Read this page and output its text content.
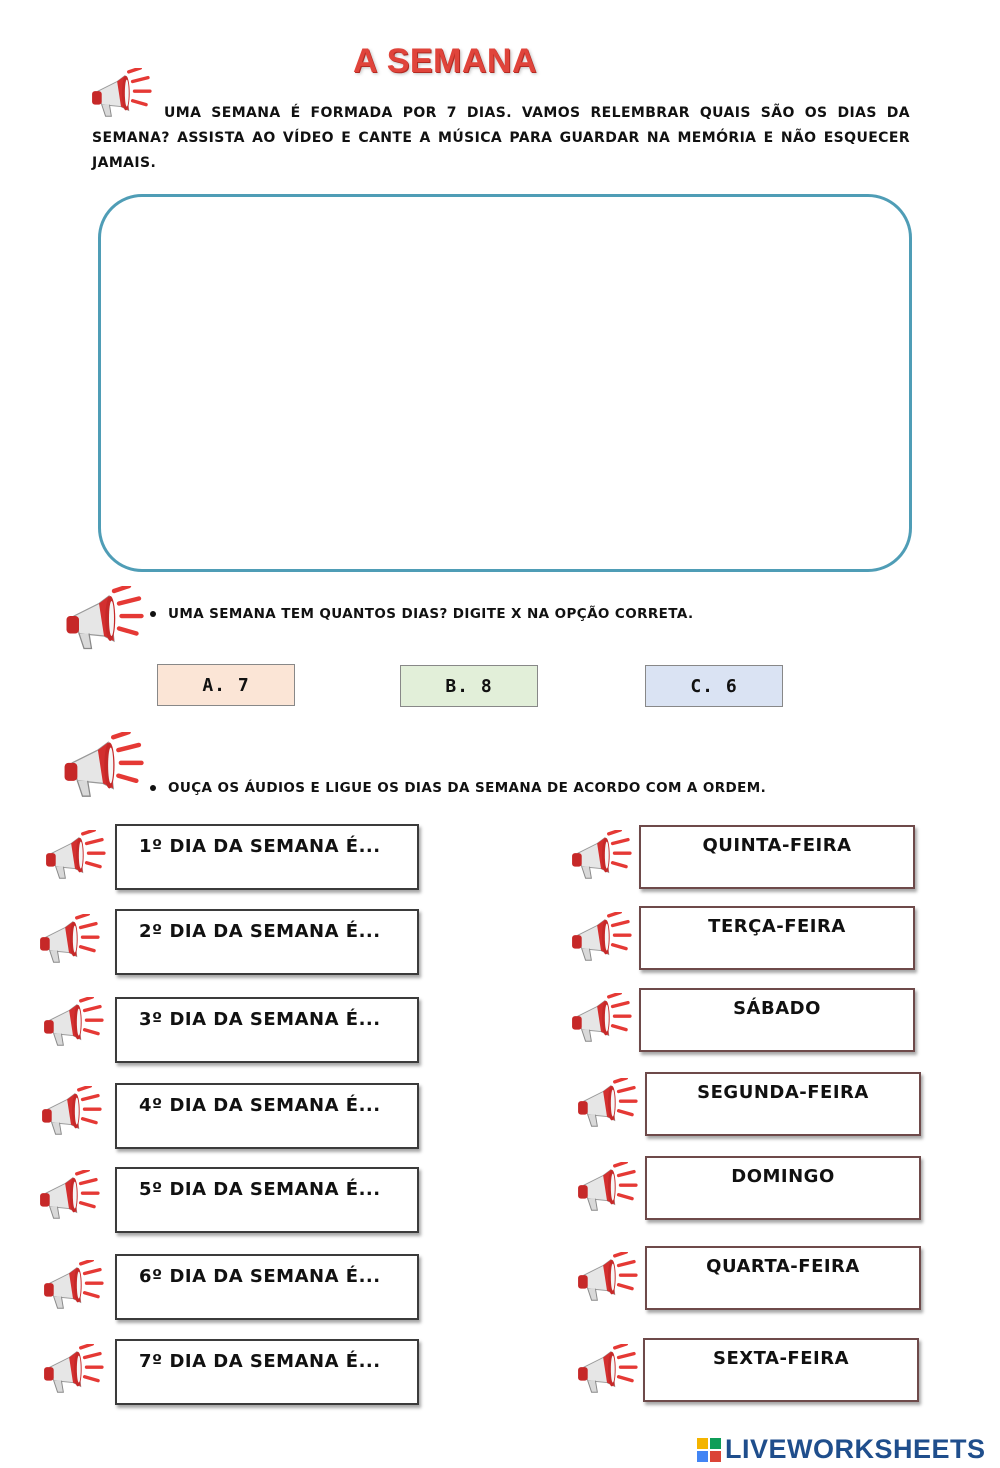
A SEMANA
UMA SEMANA É FORMADA POR 7 DIAS. VAMOS RELEMBRAR QUAIS SÃO OS DIAS DA SEMANA? ASSISTA AO VÍDEO E CANTE A MÚSICA PARA GUARDAR NA MEMÓRIA E NÃO ESQUECER JAMAIS.
UMA SEMANA TEM QUANTOS DIAS? DIGITE X NA OPÇÃO CORRETA.
A. 7	B. 8	C. 6
OUÇA OS ÁUDIOS E LIGUE OS DIAS DA SEMANA DE ACORDO COM A ORDEM.
1º DIA DA SEMANA É...
2º DIA DA SEMANA É...
3º DIA DA SEMANA É...
4º DIA DA SEMANA É...
5º DIA DA SEMANA É...
6º DIA DA SEMANA É...
7º DIA DA SEMANA É...
QUINTA-FEIRA
TERÇA-FEIRA
SÁBADO
SEGUNDA-FEIRA
DOMINGO
QUARTA-FEIRA
SEXTA-FEIRA
LIVEWORKSHEETS
